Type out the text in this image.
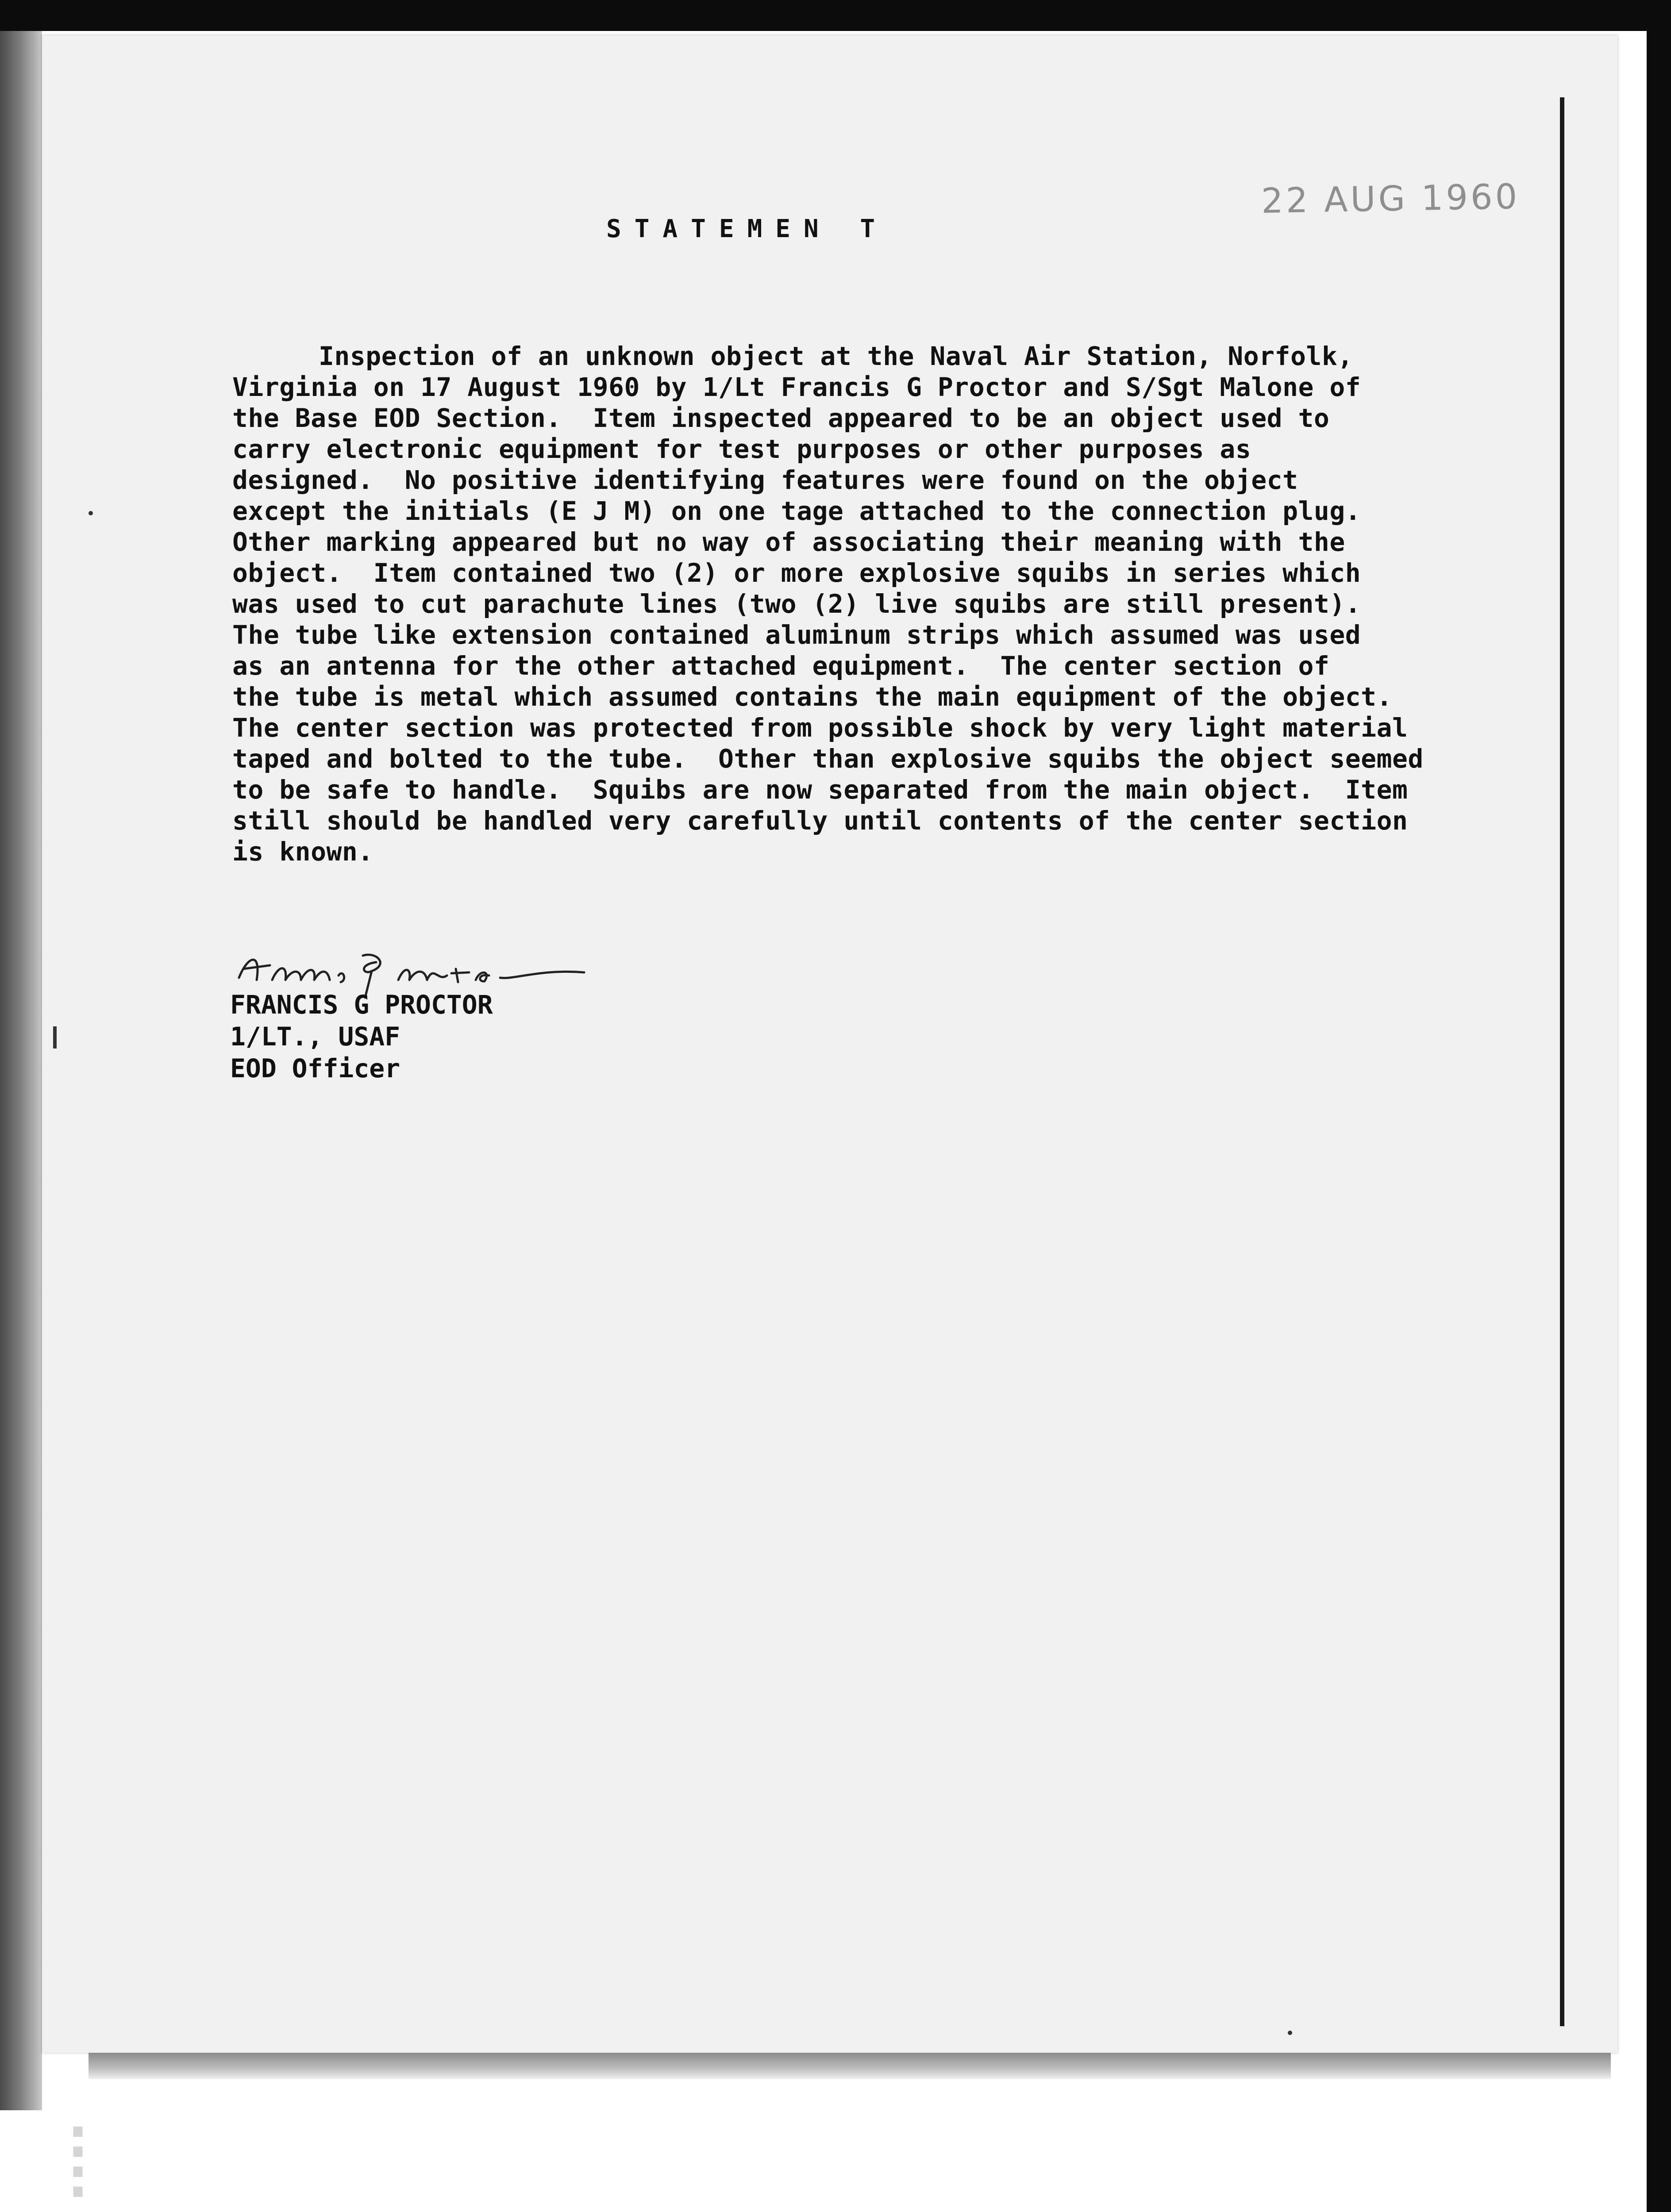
22 AUG 1960
STATEMEN T
Inspection of an unknown object at the Naval Air Station, Norfolk,
Virginia on 17 August 1960 by 1/Lt Francis G Proctor and S/Sgt Malone of
the Base EOD Section.  Item inspected appeared to be an object used to
carry electronic equipment for test purposes or other purposes as
designed.  No positive identifying features were found on the object
except the initials (E J M) on one tage attached to the connection plug.
Other marking appeared but no way of associating their meaning with the
object.  Item contained two (2) or more explosive squibs in series which
was used to cut parachute lines (two (2) live squibs are still present).
The tube like extension contained aluminum strips which assumed was used
as an antenna for the other attached equipment.  The center section of
the tube is metal which assumed contains the main equipment of the object.
The center section was protected from possible shock by very light material
taped and bolted to the tube.  Other than explosive squibs the object seemed
to be safe to handle.  Squibs are now separated from the main object.  Item
still should be handled very carefully until contents of the center section
is known.
FRANCIS G PROCTOR
1/LT., USAF
EOD Officer
⁞
